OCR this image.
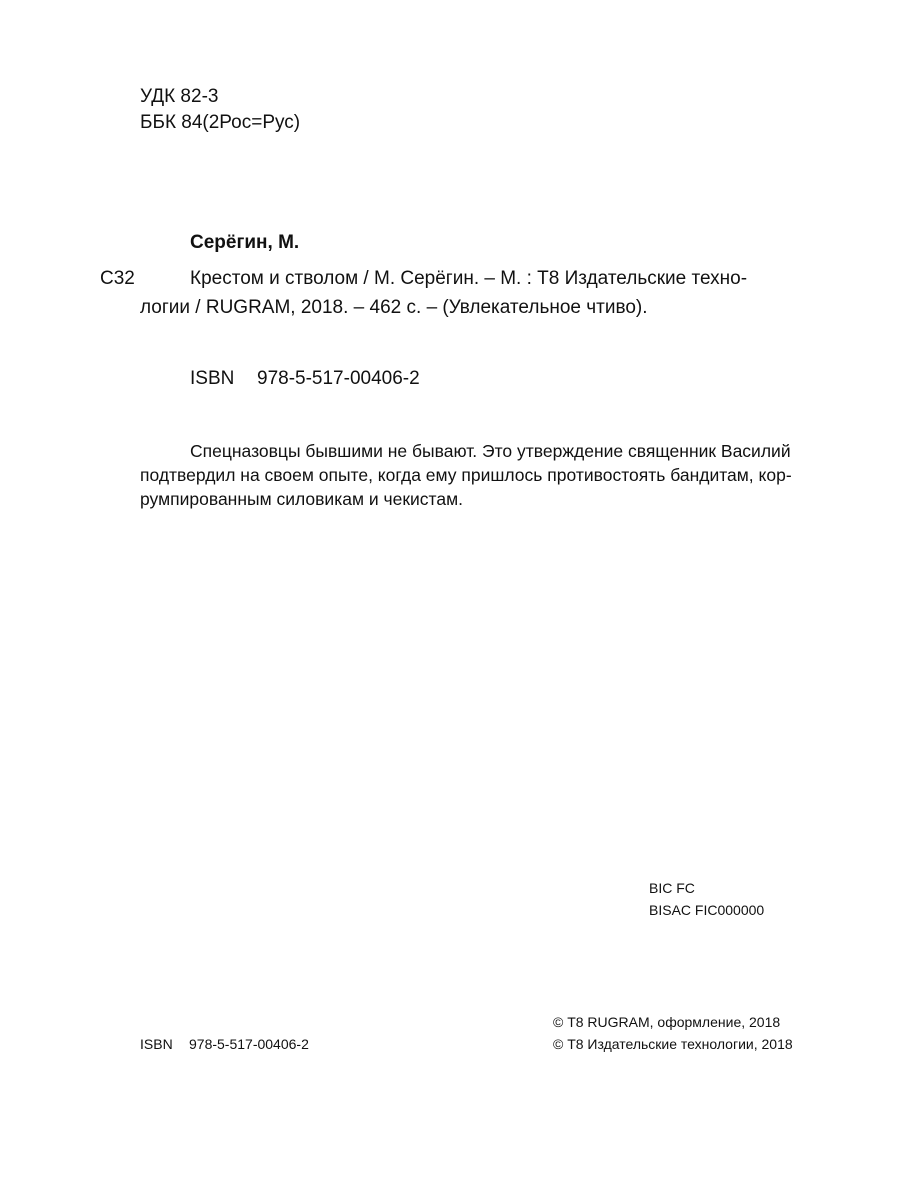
УДК 82-3
ББК 84(2Рос=Рус)
Серёгин, М.
С32	Крестом и стволом / М. Серёгин. – М. : Т8 Издательские техно-
логии / RUGRAM, 2018. – 462 с. – (Увлекательное чтиво).
ISBN 978-5-517-00406-2
Спецназовцы бывшими не бывают. Это утверждение священник Василий
подтвердил на своем опыте, когда ему пришлось противостоять бандитам, кор-
румпированным силовикам и чекистам.
BIC FC
BISAC FIC000000
© Т8 RUGRAM, оформление, 2018
ISBN 978-5-517-00406-2	© Т8 Издательские технологии, 2018
